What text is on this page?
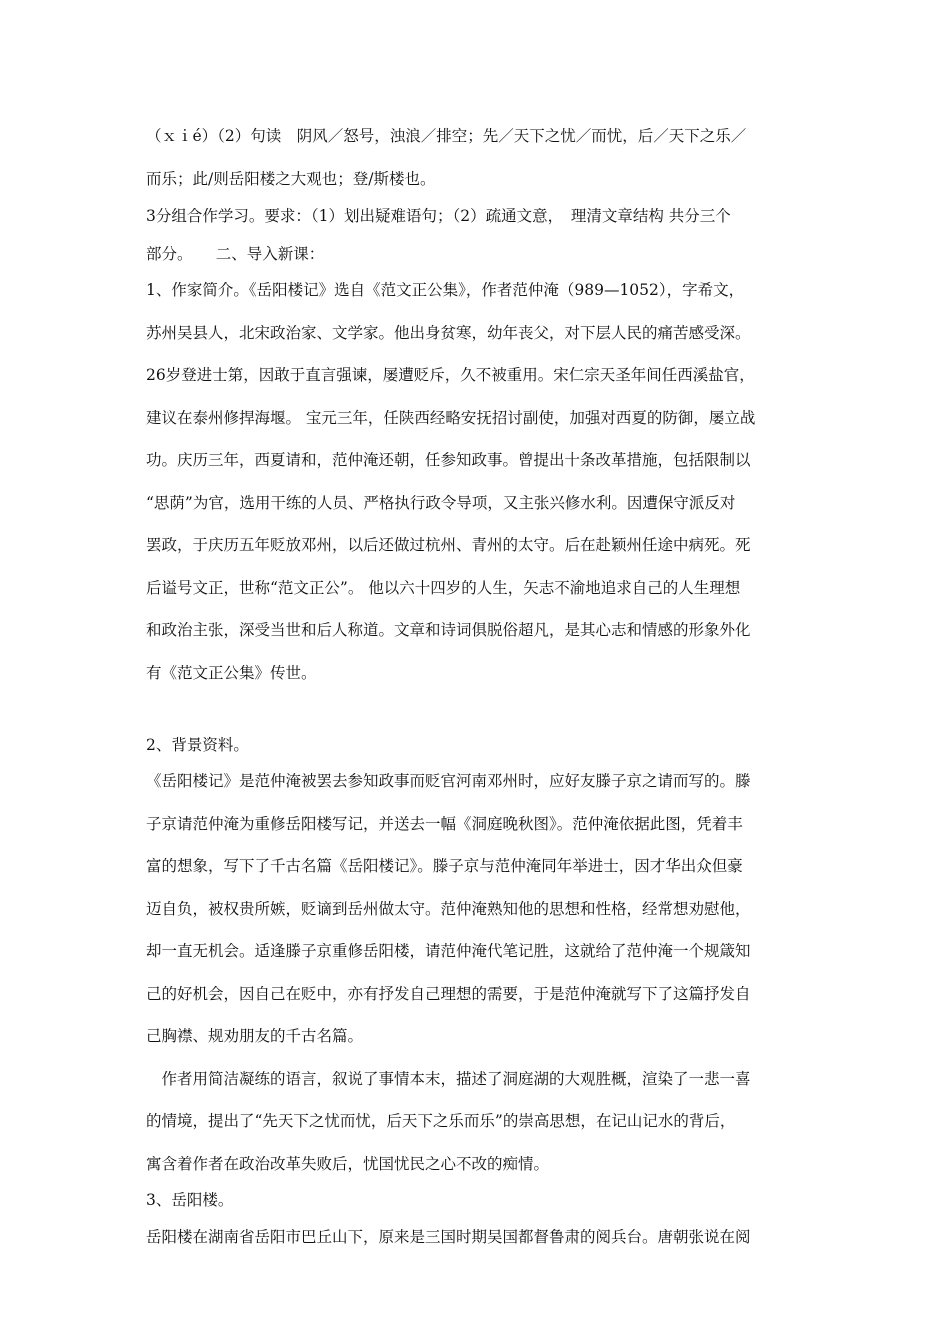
（ｘｉé）（2）句读　阴风／怒号，浊浪／排空；先／天下之忧／而忧，后／天下之乐／
而乐；此/则岳阳楼之大观也；登/斯楼也。
3分组合作学习。要求：（1）划出疑难语句；（2）疏通文意，　理清文章结构 共分三个
部分。　　二、导入新课：
1、作家简介。《岳阳楼记》选自《范文正公集》，作者范仲淹（989—1052），字希文，
苏州吴县人，北宋政治家、文学家。他出身贫寒，幼年丧父，对下层人民的痛苦感受深。
26岁登进士第，因敢于直言强谏，屡遭贬斥，久不被重用。宋仁宗天圣年间任西溪盐官，
建议在泰州修捍海堰。 宝元三年，任陕西经略安抚招讨副使，加强对西夏的防御，屡立战
功。庆历三年，西夏请和，范仲淹还朝，任参知政事。曾提出十条改革措施，包括限制以
“思荫”为官，选用干练的人员、严格执行政令导项，又主张兴修水利。因遭保守派反对
罢政，于庆历五年贬放邓州，以后还做过杭州、青州的太守。后在赴颖州任途中病死。死
后谥号文正，世称“范文正公”。 他以六十四岁的人生，矢志不渝地追求自己的人生理想
和政治主张，深受当世和后人称道。文章和诗词俱脱俗超凡，是其心志和情感的形象外化
有《范文正公集》传世。
2、背景资料。
《岳阳楼记》是范仲淹被罢去参知政事而贬官河南邓州时，应好友滕子京之请而写的。滕
子京请范仲淹为重修岳阳楼写记，并送去一幅《洞庭晚秋图》。范仲淹依据此图，凭着丰
富的想象，写下了千古名篇《岳阳楼记》。滕子京与范仲淹同年举进士，因才华出众但豪
迈自负，被权贵所嫉，贬谪到岳州做太守。范仲淹熟知他的思想和性格，经常想劝慰他，
却一直无机会。适逢滕子京重修岳阳楼，请范仲淹代笔记胜，这就给了范仲淹一个规箴知
己的好机会，因自己在贬中，亦有抒发自己理想的需要，于是范仲淹就写下了这篇抒发自
己胸襟、规劝朋友的千古名篇。
　作者用简洁凝练的语言，叙说了事情本末，描述了洞庭湖的大观胜概，渲染了一悲一喜
的情境，提出了“先天下之忧而忧，后天下之乐而乐”的崇高思想，在记山记水的背后，
寓含着作者在政治改革失败后，忧国忧民之心不改的痴情。
3、岳阳楼。
岳阳楼在湖南省岳阳市巴丘山下，原来是三国时期吴国都督鲁肃的阅兵台。唐朝张说在阅
